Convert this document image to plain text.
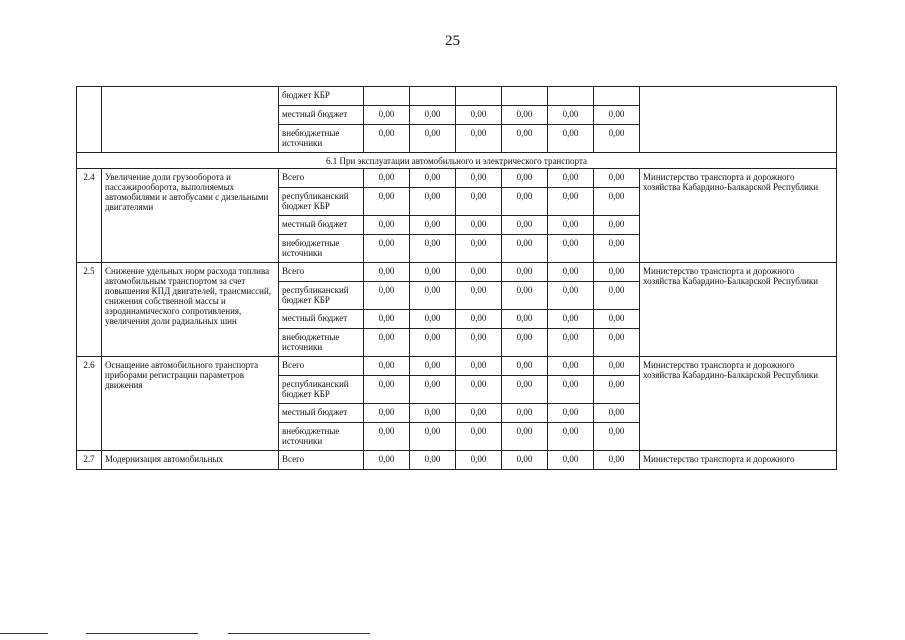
25
		бюджет КБР							
		местный бюджет	0,00	0,00	0,00	0,00	0,00	0,00	
		внебюджетные источники	0,00	0,00	0,00	0,00	0,00	0,00	
6.1 При эксплуатации автомобильного и электрического транспорта									
2.4	Увеличение доли грузооборота и пассажирооборота, выполняемых автомобилями и автобусами с дизельными двигателями	Всего	0,00	0,00	0,00	0,00	0,00	0,00	Министерство транспорта и дорожного хозяйства Кабардино-Балкарской Республики
		республиканский бюджет КБР	0,00	0,00	0,00	0,00	0,00	0,00	
		местный бюджет	0,00	0,00	0,00	0,00	0,00	0,00	
		внебюджетные источники	0,00	0,00	0,00	0,00	0,00	0,00	
2.5	Снижение удельных норм расхода топлива автомобильным транспортом за счет повышения КПД двигателей, трансмиссий, снижения собственной массы и аэродинамического сопротивления, увеличения доли радиальных шин	Всего	0,00	0,00	0,00	0,00	0,00	0,00	Министерство транспорта и дорожного хозяйства Кабардино-Балкарской Республики
		республиканский бюджет КБР	0,00	0,00	0,00	0,00	0,00	0,00	
		местный бюджет	0,00	0,00	0,00	0,00	0,00	0,00	
		внебюджетные источники	0,00	0,00	0,00	0,00	0,00	0,00	
2.6	Оснащение автомобильного транспорта приборами регистрации параметров движения	Всего	0,00	0,00	0,00	0,00	0,00	0,00	Министерство транспорта и дорожного хозяйства Кабардино-Балкарской Республики
		республиканский бюджет КБР	0,00	0,00	0,00	0,00	0,00	0,00	
		местный бюджет	0,00	0,00	0,00	0,00	0,00	0,00	
		внебюджетные источники	0,00	0,00	0,00	0,00	0,00	0,00	
2.7	Модернизация автомобильных	Всего	0,00	0,00	0,00	0,00	0,00	0,00	Министерство транспорта и дорожного
